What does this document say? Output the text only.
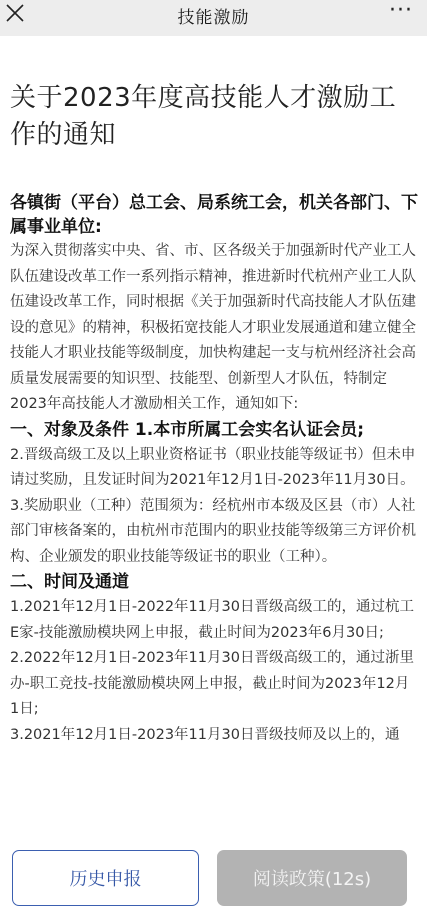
技能激励	···
关于2023年度高技能人才激励工作的通知
各镇街（平台）总工会、局系统工会，机关各部门、下属事业单位:

为深入贯彻落实中央、省、市、区各级关于加强新时代产业工人队伍建设改革工作一系列指示精神，推进新时代杭州产业工人队伍建设改革工作，同时根据《关于加强新时代高技能人才队伍建设的意见》的精神，积极拓宽技能人才职业发展通道和建立健全技能人才职业技能等级制度，加快构建起一支与杭州经济社会高质量发展需要的知识型、技能型、创新型人才队伍，特制定2023年高技能人才激励相关工作，通知如下:

一、对象及条件 1.本市所属工会实名认证会员;

2.晋级高级工及以上职业资格证书（职业技能等级证书）但未申请过奖励，且发证时间为2021年12月1日-2023年11月30日。

3.奖励职业（工种）范围须为：经杭州市本级及区县（市）人社部门审核备案的，由杭州市范围内的职业技能等级第三方评价机构、企业颁发的职业技能等级证书的职业（工种）。

二、时间及通道

1.2021年12月1日-2022年11月30日晋级高级工的，通过杭工E家-技能激励模块网上申报，截止时间为2023年6月30日;

2.2022年12月1日-2023年11月30日晋级高级工的，通过浙里办-职工竞技-技能激励模块网上申报，截止时间为2023年12月1日;

3.2021年12月1日-2023年11月30日晋级技师及以上的，通

历史申报	阅读政策(12s)
